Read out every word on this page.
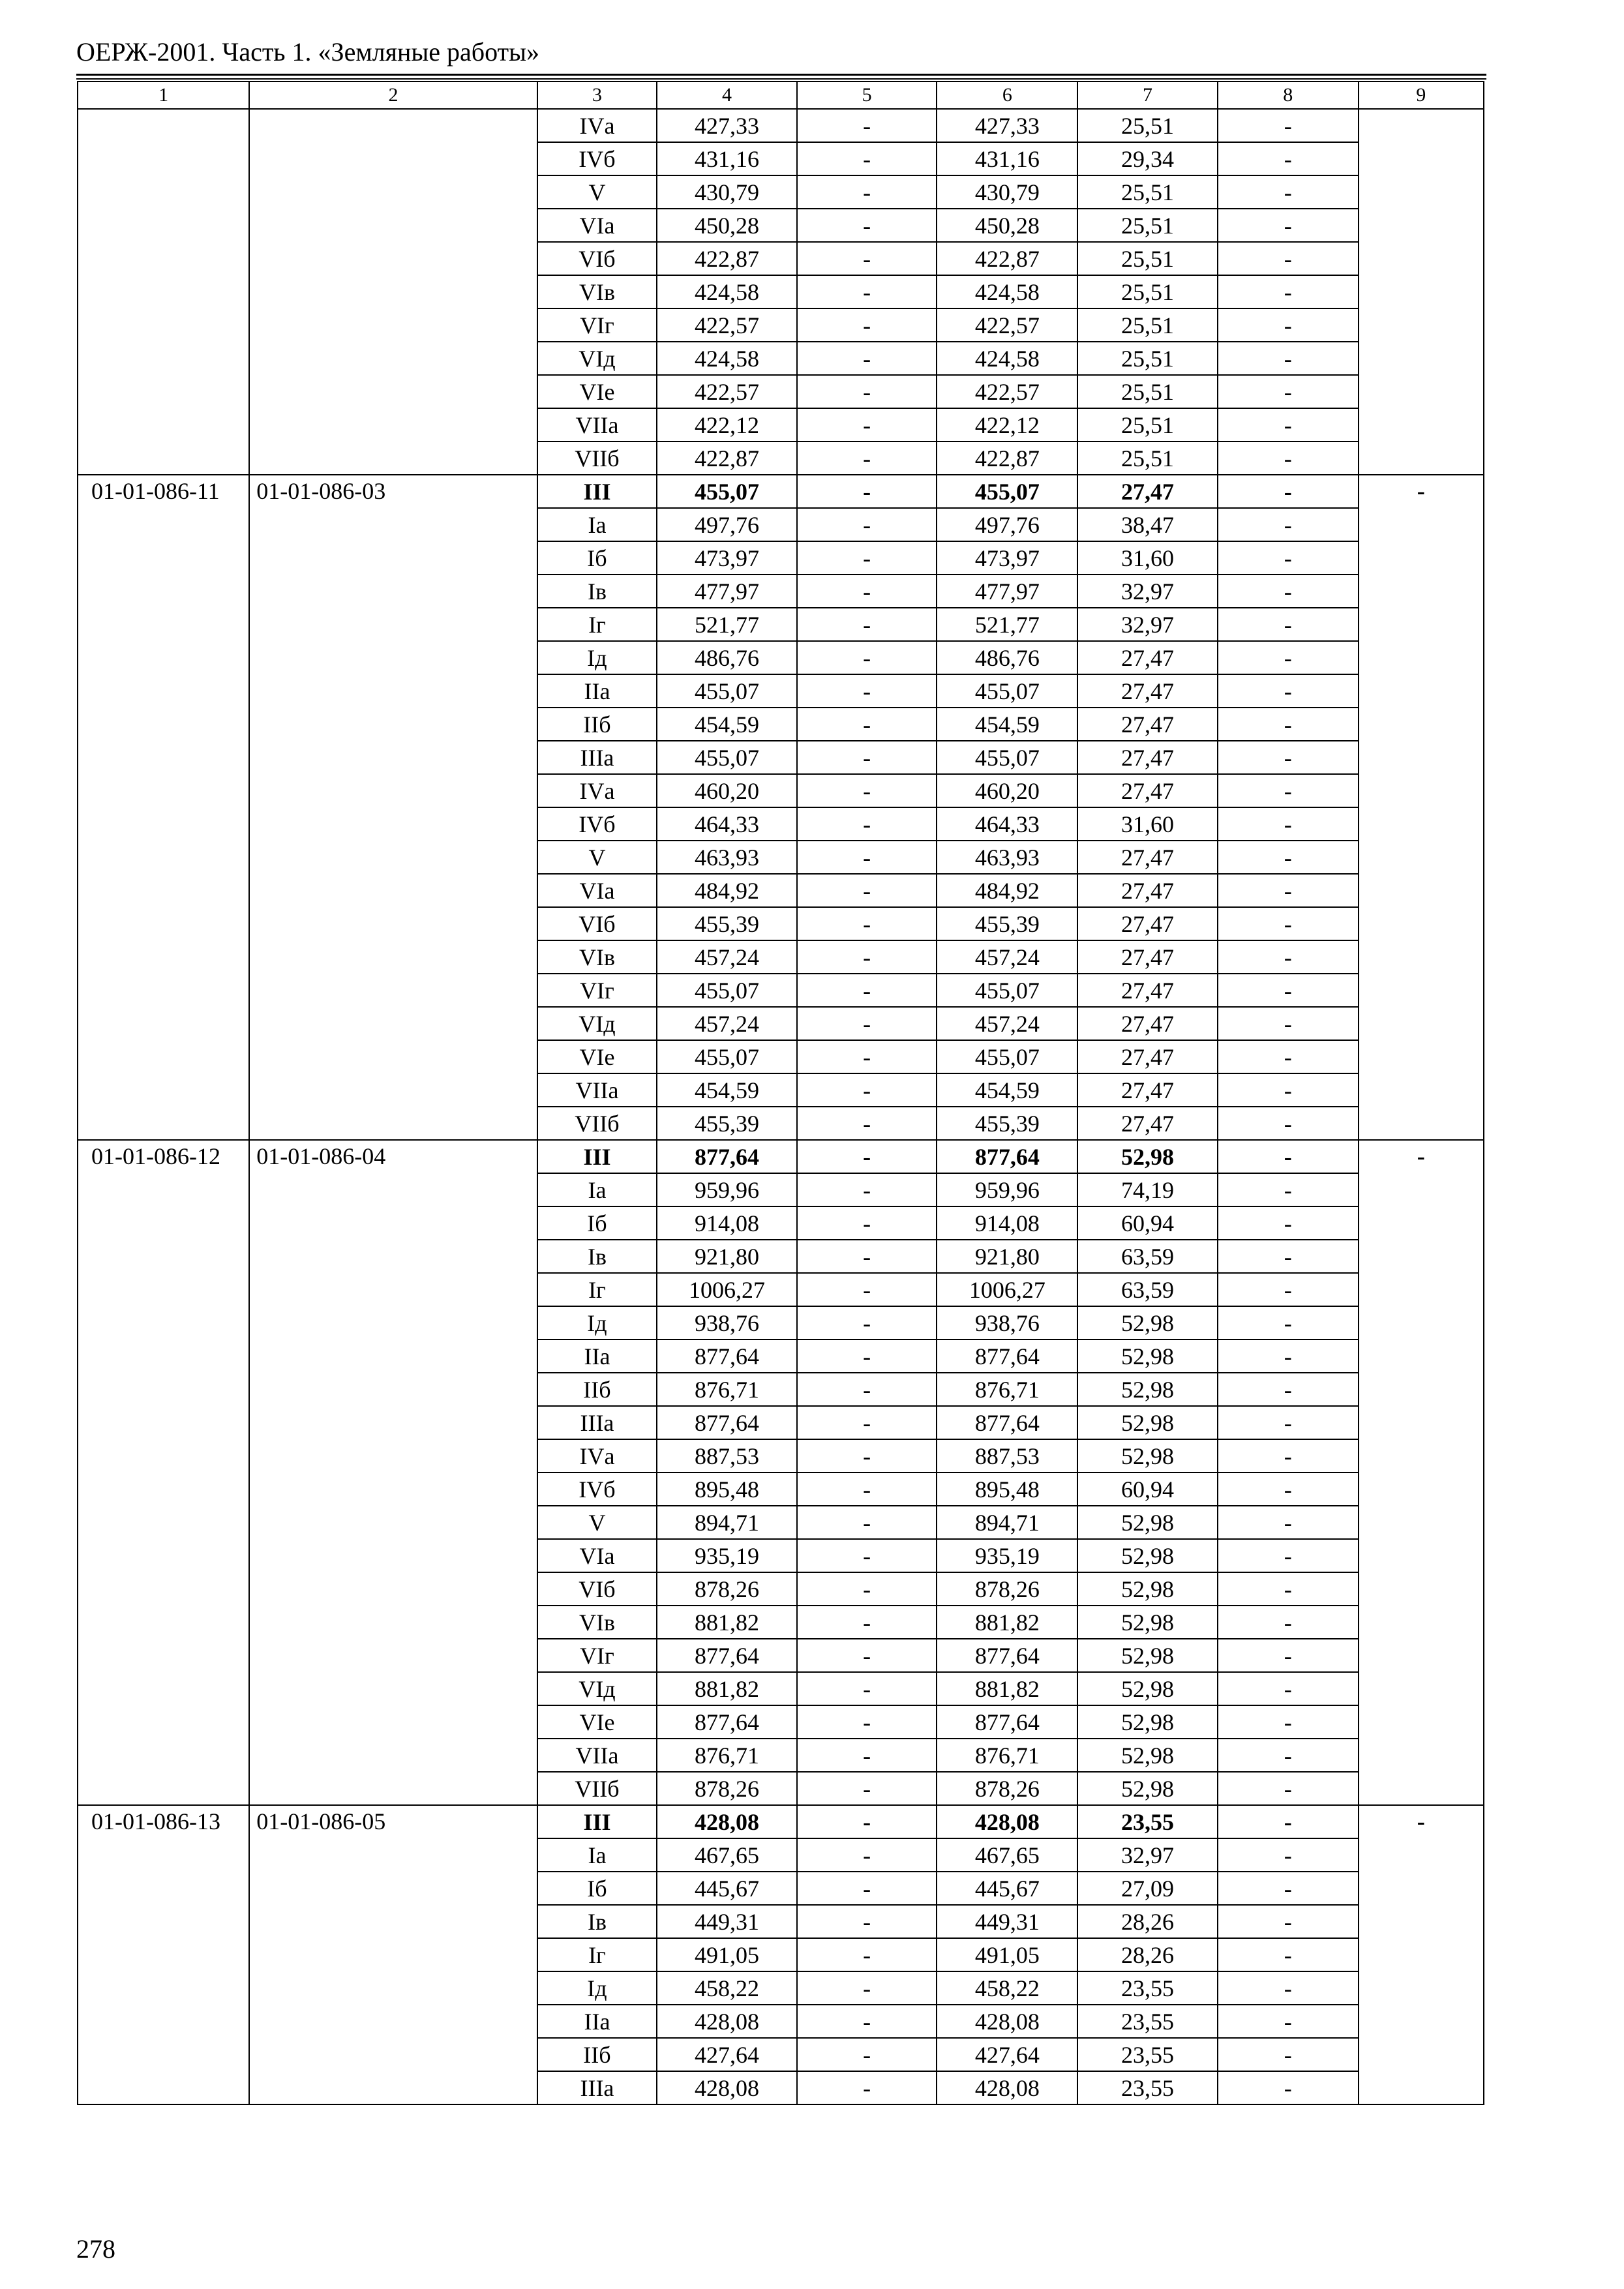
ОЕРЖ-2001. Часть 1. «Земляные работы»
1	2	3	4	5	6	7	8	9
		IVа	427,33	-	427,33	25,51	-	
		IVб	431,16	-	431,16	29,34	-	
		V	430,79	-	430,79	25,51	-	
		VIа	450,28	-	450,28	25,51	-	
		VIб	422,87	-	422,87	25,51	-	
		VIв	424,58	-	424,58	25,51	-	
		VIг	422,57	-	422,57	25,51	-	
		VIд	424,58	-	424,58	25,51	-	
		VIе	422,57	-	422,57	25,51	-	
		VIIа	422,12	-	422,12	25,51	-	
		VIIб	422,87	-	422,87	25,51	-	
01-01-086-11	01-01-086-03	III	455,07	-	455,07	27,47	-	-
		Iа	497,76	-	497,76	38,47	-	
		Iб	473,97	-	473,97	31,60	-	
		Iв	477,97	-	477,97	32,97	-	
		Iг	521,77	-	521,77	32,97	-	
		Iд	486,76	-	486,76	27,47	-	
		IIа	455,07	-	455,07	27,47	-	
		IIб	454,59	-	454,59	27,47	-	
		IIIа	455,07	-	455,07	27,47	-	
		IVа	460,20	-	460,20	27,47	-	
		IVб	464,33	-	464,33	31,60	-	
		V	463,93	-	463,93	27,47	-	
		VIа	484,92	-	484,92	27,47	-	
		VIб	455,39	-	455,39	27,47	-	
		VIв	457,24	-	457,24	27,47	-	
		VIг	455,07	-	455,07	27,47	-	
		VIд	457,24	-	457,24	27,47	-	
		VIе	455,07	-	455,07	27,47	-	
		VIIа	454,59	-	454,59	27,47	-	
		VIIб	455,39	-	455,39	27,47	-	
01-01-086-12	01-01-086-04	III	877,64	-	877,64	52,98	-	-
		Iа	959,96	-	959,96	74,19	-	
		Iб	914,08	-	914,08	60,94	-	
		Iв	921,80	-	921,80	63,59	-	
		Iг	1006,27	-	1006,27	63,59	-	
		Iд	938,76	-	938,76	52,98	-	
		IIа	877,64	-	877,64	52,98	-	
		IIб	876,71	-	876,71	52,98	-	
		IIIа	877,64	-	877,64	52,98	-	
		IVа	887,53	-	887,53	52,98	-	
		IVб	895,48	-	895,48	60,94	-	
		V	894,71	-	894,71	52,98	-	
		VIа	935,19	-	935,19	52,98	-	
		VIб	878,26	-	878,26	52,98	-	
		VIв	881,82	-	881,82	52,98	-	
		VIг	877,64	-	877,64	52,98	-	
		VIд	881,82	-	881,82	52,98	-	
		VIе	877,64	-	877,64	52,98	-	
		VIIа	876,71	-	876,71	52,98	-	
		VIIб	878,26	-	878,26	52,98	-	
01-01-086-13	01-01-086-05	III	428,08	-	428,08	23,55	-	-
		Iа	467,65	-	467,65	32,97	-	
		Iб	445,67	-	445,67	27,09	-	
		Iв	449,31	-	449,31	28,26	-	
		Iг	491,05	-	491,05	28,26	-	
		Iд	458,22	-	458,22	23,55	-	
		IIа	428,08	-	428,08	23,55	-	
		IIб	427,64	-	427,64	23,55	-	
		IIIа	428,08	-	428,08	23,55	-	
278
